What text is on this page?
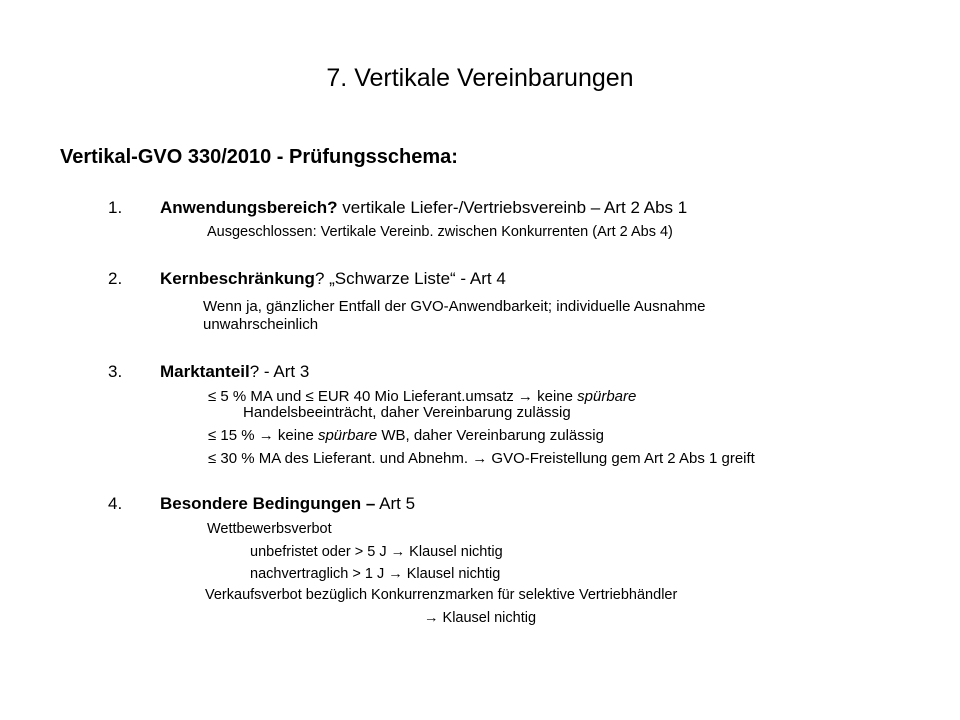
7. Vertikale Vereinbarungen
Vertikal-GVO 330/2010 - Prüfungsschema:
1. Anwendungsbereich? vertikale Liefer-/Vertriebsvereinb – Art 2 Abs 1
Ausgeschlossen: Vertikale Vereinb. zwischen Konkurrenten (Art 2 Abs 4)
2. Kernbeschränkung? „Schwarze Liste“ - Art 4
Wenn ja, gänzlicher Entfall der GVO-Anwendbarkeit; individuelle Ausnahme
unwahrscheinlich
3. Marktanteil? - Art 3
≤ 5 % MA und ≤ EUR 40 Mio Lieferant.umsatz → keine spürbare
Handelsbeeinträcht, daher Vereinbarung zulässig
≤ 15 % → keine spürbare WB, daher Vereinbarung zulässig
≤ 30 % MA des Lieferant. und Abnehm. → GVO-Freistellung gem Art 2 Abs 1 greift
4. Besondere Bedingungen – Art 5
Wettbewerbsverbot
unbefristet oder > 5 J → Klausel nichtig
nachvertraglich > 1 J → Klausel nichtig
Verkaufsverbot bezüglich Konkurrenzmarken für selektive Vertriebhändler
→ Klausel nichtig
